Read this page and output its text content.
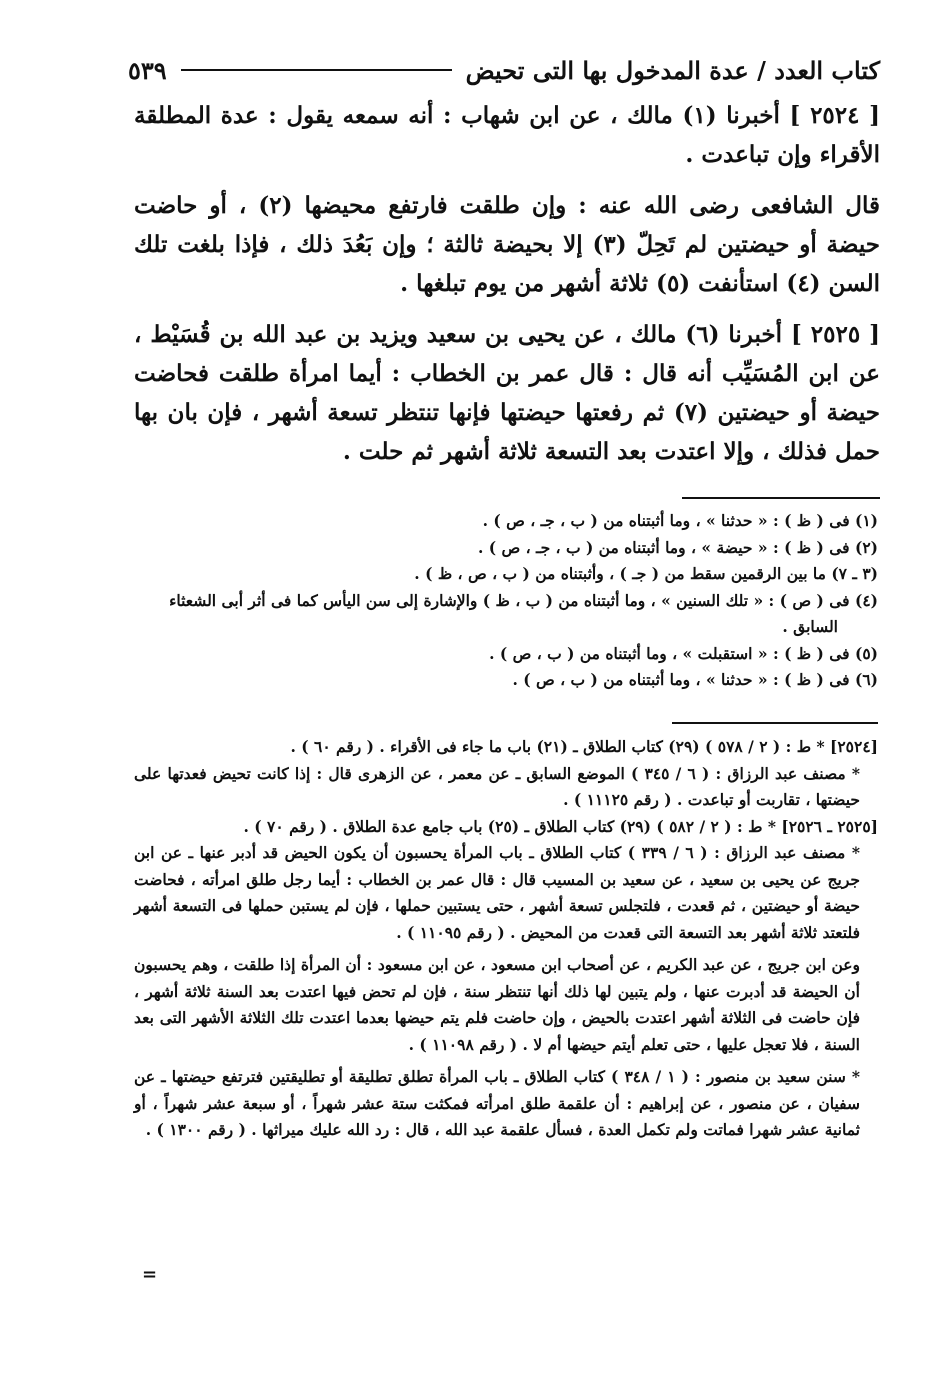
كتاب العدد / عدة المدخول بها التى تحيض
٥٣٩

[ ٢٥٢٤ ] أخبرنا (١) مالك ، عن ابن شهاب : أنه سمعه يقول : عدة المطلقة الأقراء وإن تباعدت .

قال الشافعى رضى الله عنه : وإن طلقت فارتفع محيضها (٢) ، أو حاضت حيضة أو حيضتين لم تَحِلّ (٣) إلا بحيضة ثالثة ؛ وإن بَعُدَ ذلك ، فإذا بلغت تلك السن (٤) استأنفت (٥) ثلاثة أشهر من يوم تبلغها .

[ ٢٥٢٥ ] أخبرنا (٦) مالك ، عن يحيى بن سعيد ويزيد بن عبد الله بن قُسَيْط ، عن ابن المُسَيِّب أنه قال : قال عمر بن الخطاب : أيما امرأة طلقت فحاضت حيضة أو حيضتين (٧) ثم رفعتها حيضتها فإنها تنتظر تسعة أشهر ، فإن بان بها حمل فذلك ، وإلا اعتدت بعد التسعة ثلاثة أشهر ثم حلت .

(١) فى ( ظ ) : « حدثنا » ، وما أثبتناه من ( ب ، جـ ، ص ) .

(٢) فى ( ظ ) : « حيضة » ، وما أثبتناه من ( ب ، جـ ، ص ) .

(٣ ـ ٧) ما بين الرقمين سقط من ( جـ ) ، وأثبتناه من ( ب ، ص ، ظ ) .

(٤) فى ( ص ) : « تلك السنين » ، وما أثبتناه من ( ب ، ظ ) والإشارة إلى سن اليأس كما فى أثر أبى الشعثاء

السابق .

(٥) فى ( ظ ) : « استقبلت » ، وما أثبتناه من ( ب ، ص ) .

(٦) فى ( ظ ) : « حدثنا » ، وما أثبتناه من ( ب ، ص ) .

[٢٥٢٤] * ط : ( ٢ / ٥٧٨ ) (٢٩) كتاب الطلاق ـ (٢١) باب ما جاء فى الأقراء . ( رقم ٦٠ ) .

* مصنف عبد الرزاق : ( ٦ / ٣٤٥ ) الموضع السابق ـ عن معمر ، عن الزهرى قال : إذا كانت تحيض فعدتها على حيضتها ، تقاربت أو تباعدت . ( رقم ١١١٢٥ ) .

[٢٥٢٥ ـ ٢٥٢٦] * ط : ( ٢ / ٥٨٢ ) (٢٩) كتاب الطلاق ـ (٢٥) باب جامع عدة الطلاق . ( رقم ٧٠ ) .

* مصنف عبد الرزاق : ( ٦ / ٣٣٩ ) كتاب الطلاق ـ باب المرأة يحسبون أن يكون الحيض قد أدبر عنها ـ عن ابن جريج عن يحيى بن سعيد ، عن سعيد بن المسيب قال : قال عمر بن الخطاب : أيما رجل طلق امرأته ، فحاضت حيضة أو حيضتين ، ثم قعدت ، فلتجلس تسعة أشهر ، حتى يستبين حملها ، فإن لم يستبن حملها فى التسعة أشهر فلتعتد ثلاثة أشهر بعد التسعة التى قعدت من المحيض . ( رقم ١١٠٩٥ ) .

وعن ابن جريج ، عن عبد الكريم ، عن أصحاب ابن مسعود ، عن ابن مسعود : أن المرأة إذا طلقت ، وهم يحسبون أن الحيضة قد أدبرت عنها ، ولم يتبين لها ذلك أنها تنتظر سنة ، فإن لم تحض فيها اعتدت بعد السنة ثلاثة أشهر ، فإن حاضت فى الثلاثة أشهر اعتدت بالحيض ، وإن حاضت فلم يتم حيضها بعدما اعتدت تلك الثلاثة الأشهر التى بعد السنة ، فلا تعجل عليها ، حتى تعلم أيتم حيضها أم لا . ( رقم ١١٠٩٨ ) .

* سنن سعيد بن منصور : ( ١ / ٣٤٨ ) كتاب الطلاق ـ باب المرأة تطلق تطليقة أو تطليقتين فترتفع حيضتها ـ عن سفيان ، عن منصور ، عن إبراهيم : أن علقمة طلق امرأته فمكثت ستة عشر شهراً ، أو سبعة عشر شهراً ، أو ثمانية عشر شهرا فماتت ولم تكمل العدة ، فسأل علقمة عبد الله ، قال : رد الله عليك ميراثها . ( رقم ١٣٠٠ ) .

=
